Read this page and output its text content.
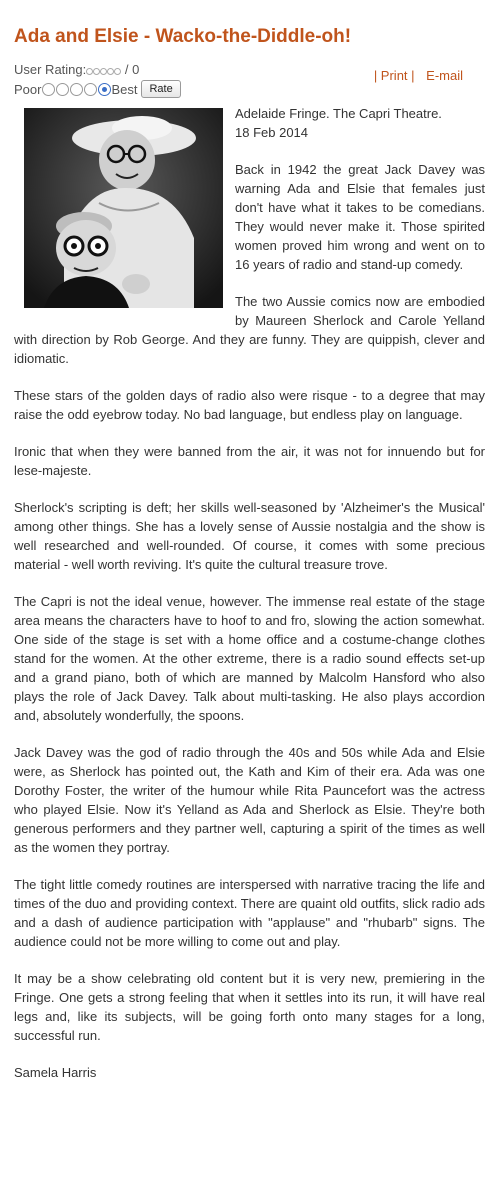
Ada and Elsie - Wacko-the-Diddle-oh!
User Rating:	/ 0
Poor	Best	Rate
| Print | E-mail

Adelaide Fringe. The Capri Theatre.
18 Feb 2014

Back in 1942 the great Jack Davey was warning Ada and Elsie that females just don't have what it takes to be comedians. They would never make it. Those spirited women proved him wrong and went on to 16 years of radio and stand-up comedy.

The two Aussie comics now are embodied by Maureen Sherlock and Carole Yelland with direction by Rob George. And they are funny. They are quippish, clever and idiomatic.

These stars of the golden days of radio also were risque - to a degree that may raise the odd eyebrow today. No bad language, but endless play on language.

Ironic that when they were banned from the air, it was not for innuendo but for lese-majeste.

Sherlock's scripting is deft; her skills well-seasoned by 'Alzheimer's the Musical' among other things. She has a lovely sense of Aussie nostalgia and the show is well researched and well-rounded. Of course, it comes with some precious material - well worth reviving. It's quite the cultural treasure trove.

The Capri is not the ideal venue, however. The immense real estate of the stage area means the characters have to hoof to and fro, slowing the action somewhat. One side of the stage is set with a home office and a costume-change clothes stand for the women. At the other extreme, there is a radio sound effects set-up and a grand piano, both of which are manned by Malcolm Hansford who also plays the role of Jack Davey. Talk about multi-tasking. He also plays accordion and, absolutely wonderfully, the spoons.

Jack Davey was the god of radio through the 40s and 50s while Ada and Elsie were, as Sherlock has pointed out, the Kath and Kim of their era. Ada was one Dorothy Foster, the writer of the humour while Rita Pauncefort was the actress who played Elsie. Now it's Yelland as Ada and Sherlock as Elsie. They're both generous performers and they partner well, capturing a spirit of the times as well as the women they portray.

The tight little comedy routines are interspersed with narrative tracing the life and times of the duo and providing context. There are quaint old outfits, slick radio ads and a dash of audience participation with "applause" and "rhubarb" signs. The audience could not be more willing to come out and play.

It may be a show celebrating old content but it is very new, premiering in the Fringe. One gets a strong feeling that when it settles into its run, it will have real legs and, like its subjects, will be going forth onto many stages for a long, successful run.

Samela Harris
